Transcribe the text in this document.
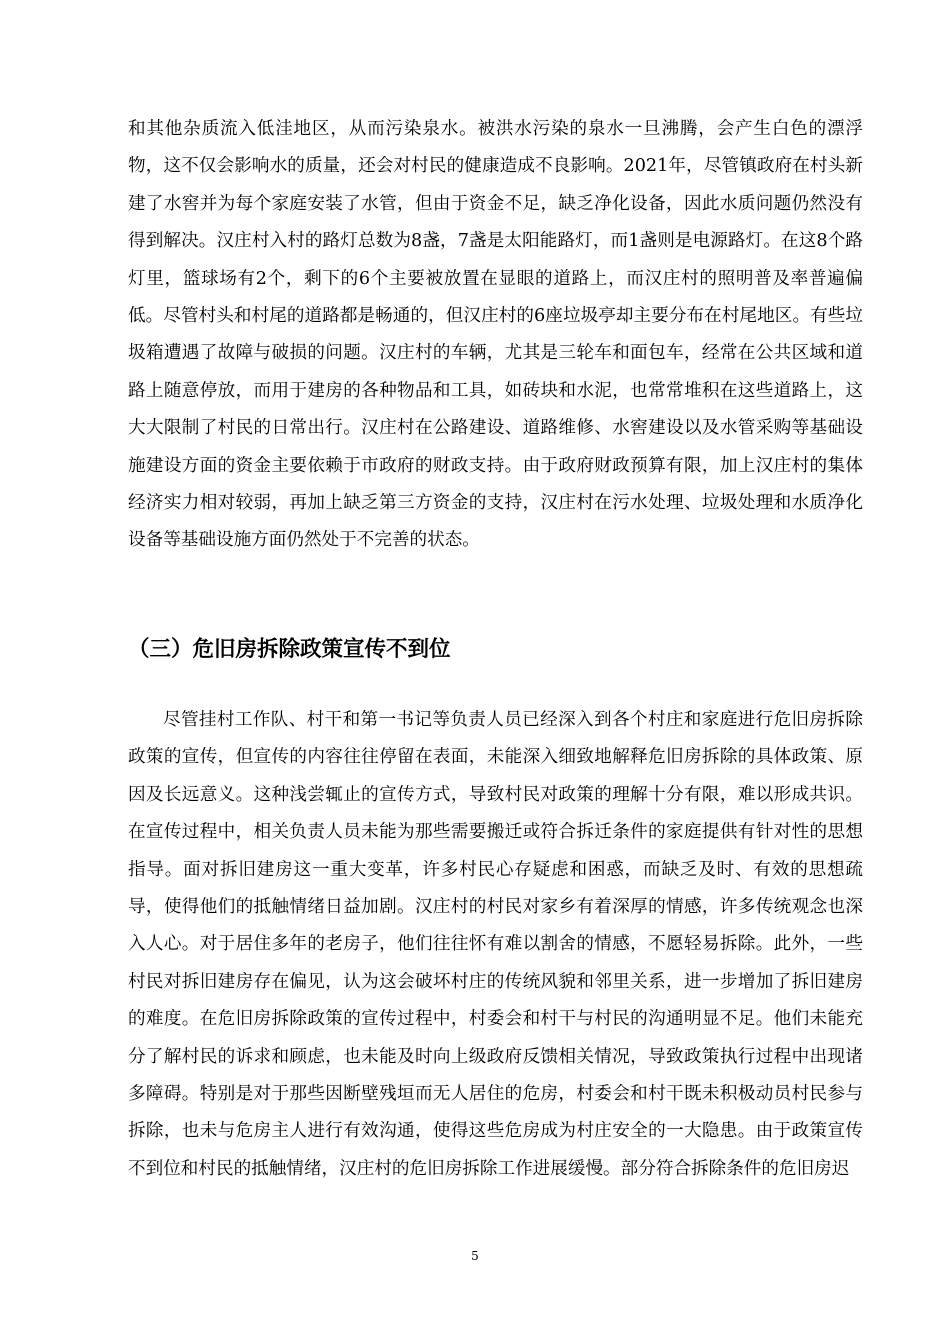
和其他杂质流入低洼地区，从而污染泉水。被洪水污染的泉水一旦沸腾，会产生白色的漂浮物，这不仅会影响水的质量，还会对村民的健康造成不良影响。2021年，尽管镇政府在村头新建了水窖并为每个家庭安装了水管，但由于资金不足，缺乏净化设备，因此水质问题仍然没有得到解决。汉庄村入村的路灯总数为8盏，7盏是太阳能路灯，而1盏则是电源路灯。在这8个路灯里，篮球场有2个，剩下的6个主要被放置在显眼的道路上，而汉庄村的照明普及率普遍偏低。尽管村头和村尾的道路都是畅通的，但汉庄村的6座垃圾亭却主要分布在村尾地区。有些垃圾箱遭遇了故障与破损的问题。汉庄村的车辆，尤其是三轮车和面包车，经常在公共区域和道路上随意停放，而用于建房的各种物品和工具，如砖块和水泥，也常常堆积在这些道路上，这大大限制了村民的日常出行。汉庄村在公路建设、道路维修、水窖建设以及水管采购等基础设施建设方面的资金主要依赖于市政府的财政支持。由于政府财政预算有限，加上汉庄村的集体经济实力相对较弱，再加上缺乏第三方资金的支持，汉庄村在污水处理、垃圾处理和水质净化设备等基础设施方面仍然处于不完善的状态。

（三）危旧房拆除政策宣传不到位

尽管挂村工作队、村干和第一书记等负责人员已经深入到各个村庄和家庭进行危旧房拆除政策的宣传，但宣传的内容往往停留在表面，未能深入细致地解释危旧房拆除的具体政策、原因及长远意义。这种浅尝辄止的宣传方式，导致村民对政策的理解十分有限，难以形成共识。在宣传过程中，相关负责人员未能为那些需要搬迁或符合拆迁条件的家庭提供有针对性的思想指导。面对拆旧建房这一重大变革，许多村民心存疑虑和困惑，而缺乏及时、有效的思想疏导，使得他们的抵触情绪日益加剧。汉庄村的村民对家乡有着深厚的情感，许多传统观念也深入人心。对于居住多年的老房子，他们往往怀有难以割舍的情感，不愿轻易拆除。此外，一些村民对拆旧建房存在偏见，认为这会破坏村庄的传统风貌和邻里关系，进一步增加了拆旧建房的难度。在危旧房拆除政策的宣传过程中，村委会和村干与村民的沟通明显不足。他们未能充分了解村民的诉求和顾虑，也未能及时向上级政府反馈相关情况，导致政策执行过程中出现诸多障碍。特别是对于那些因断壁残垣而无人居住的危房，村委会和村干既未积极动员村民参与拆除，也未与危房主人进行有效沟通，使得这些危房成为村庄安全的一大隐患。由于政策宣传不到位和村民的抵触情绪，汉庄村的危旧房拆除工作进展缓慢。部分符合拆除条件的危旧房迟

5
